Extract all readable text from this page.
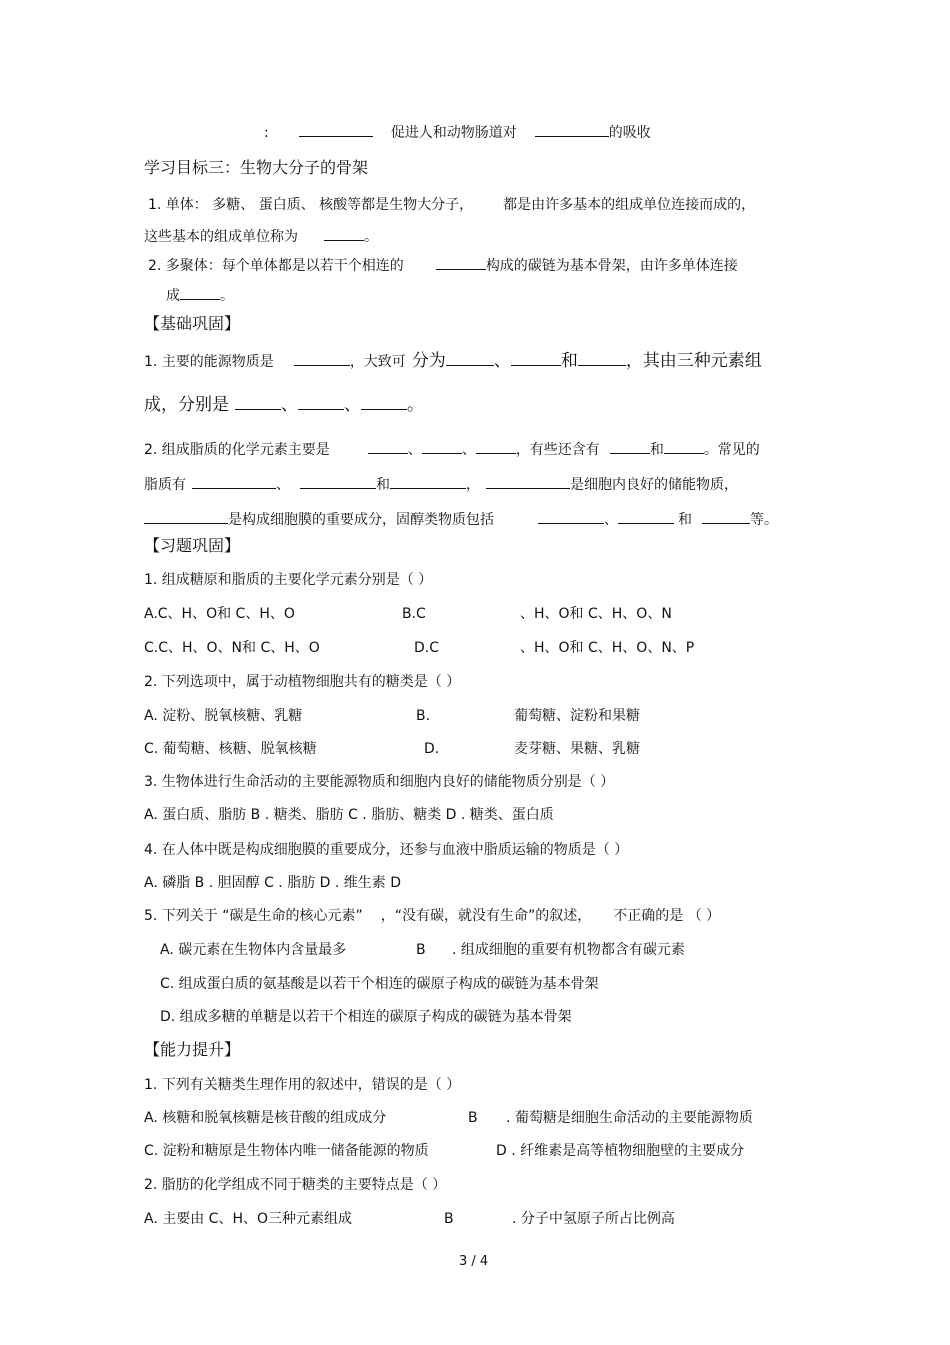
:	促进人和动物肠道对	的吸收
学习目标三：生物大分子的骨架
1. 单体： 多糖、 蛋白质、 核酸等都是生物大分子， 都是由许多基本的组成单位连接而成的，
这些基本的组成单位称为	。
2. 多聚体：每个单体都是以若干个相连的	构成的碳链为基本骨架，由许多单体连接
成	。
【基础巩固】
1. 主要的能源物质是	，大致可 分为	、	和	，其由三种元素组
成，分别是	、	、	。
2. 组成脂质的化学元素主要是	、	、	，有些还含有	和	。常见的
脂质有	、	和	，	是细胞内良好的储能物质，
是构成细胞膜的重要成分，固醇类物质包括	、	和	等。
【习题巩固】
1. 组成糖原和脂质的主要化学元素分别是（ ）
A.C、H、O和 C、H、O	B.C	、H、O和 C、H、O、N
C.C、H、O、N和 C、H、O	D.C	、H、O和 C、H、O、N、P
2. 下列选项中，属于动植物细胞共有的糖类是（ ）
A. 淀粉、脱氧核糖、乳糖	B.	葡萄糖、淀粉和果糖
C. 葡萄糖、核糖、脱氧核糖	D.	麦芽糖、果糖、乳糖
3. 生物体进行生命活动的主要能源物质和细胞内良好的储能物质分别是（ ）
A. 蛋白质、脂肪 B . 糖类、脂肪 C . 脂肪、糖类 D . 糖类、蛋白质
4. 在人体中既是构成细胞膜的重要成分，还参与血液中脂质运输的物质是（ ）
A. 磷脂 B . 胆固醇 C . 脂肪 D . 维生素 D
5. 下列关于 “碳是生命的核心元素” ，“没有碳，就没有生命”的叙述， 不正确的是 （ ）
A. 碳元素在生物体内含量最多	B . 组成细胞的重要有机物都含有碳元素
C. 组成蛋白质的氨基酸是以若干个相连的碳原子构成的碳链为基本骨架
D. 组成多糖的单糖是以若干个相连的碳原子构成的碳链为基本骨架
【能力提升】
1. 下列有关糖类生理作用的叙述中，错误的是（ ）
A. 核糖和脱氧核糖是核苷酸的组成成分	B . 葡萄糖是细胞生命活动的主要能源物质
C. 淀粉和糖原是生物体内唯一储备能源的物质	D . 纤维素是高等植物细胞壁的主要成分
2. 脂肪的化学组成不同于糖类的主要特点是（ ）
A. 主要由 C、H、O三种元素组成	B	. 分子中氢原子所占比例高
3 / 4
